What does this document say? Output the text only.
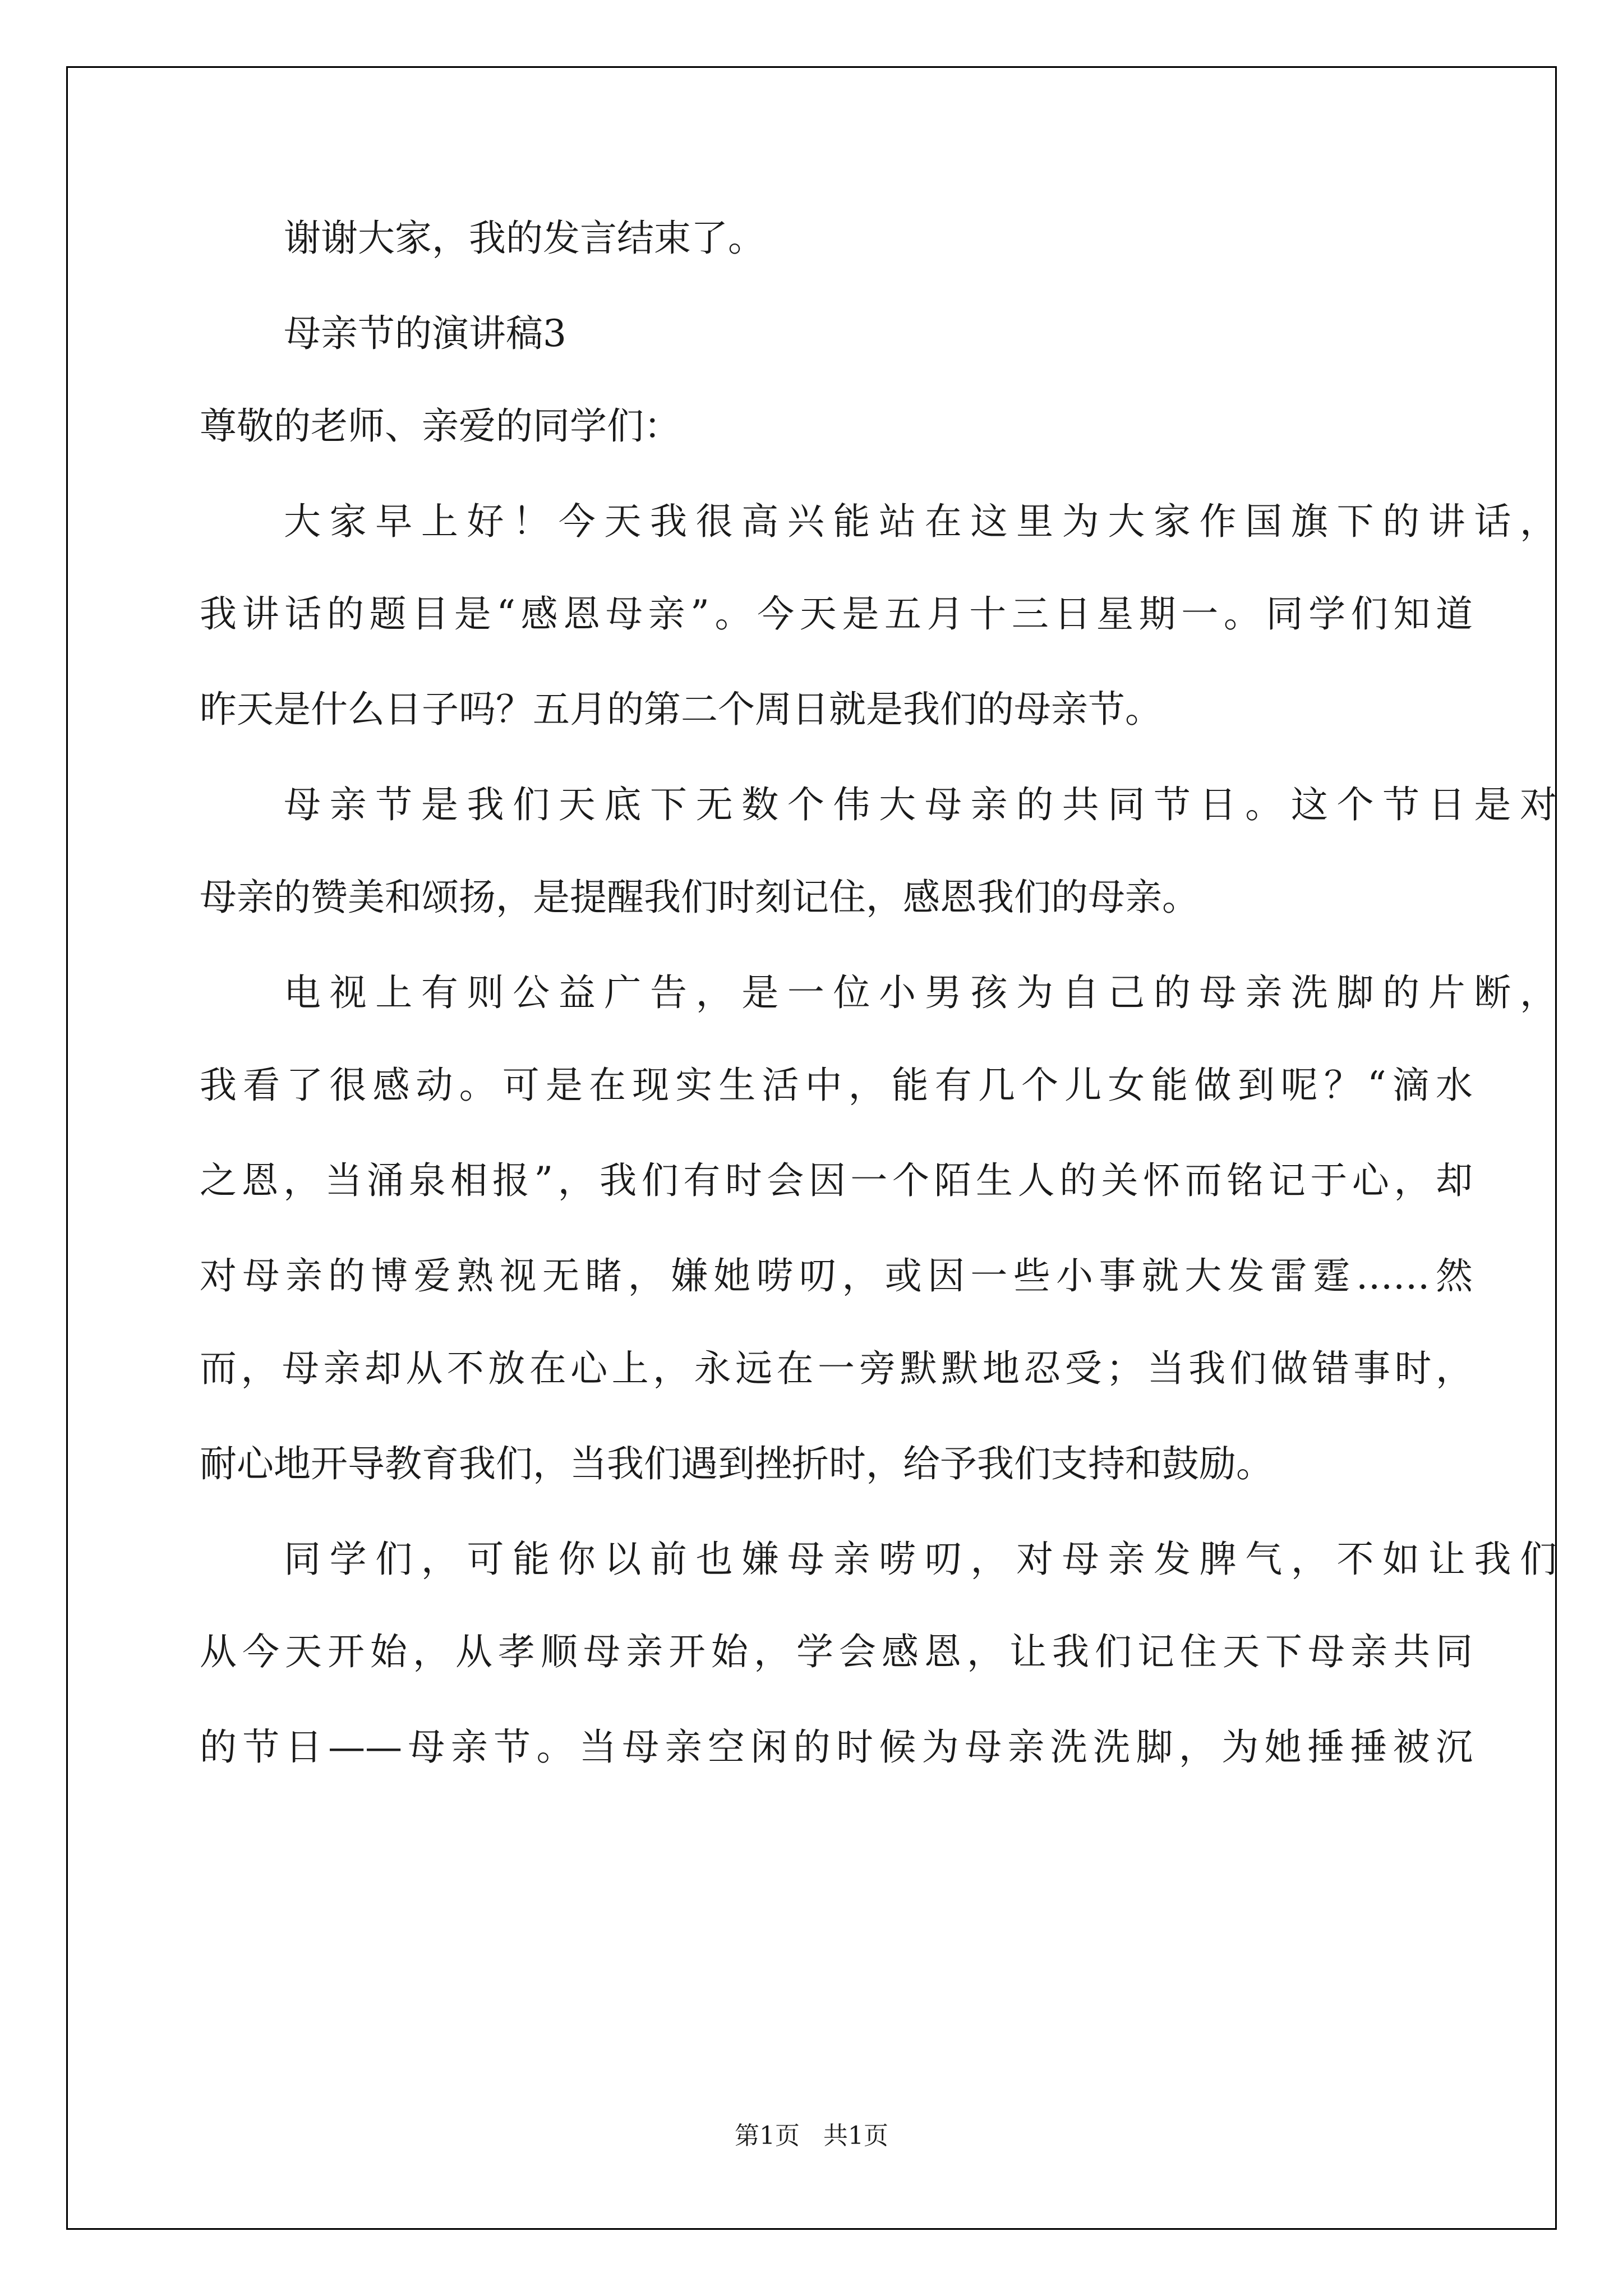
谢谢大家，我的发言结束了。
母亲节的演讲稿3
尊敬的老师、亲爱的同学们：
大家早上好！今天我很高兴能站在这里为大家作国旗下的讲话，
我讲话的题目是“感恩母亲”。今天是五月十三日星期一。同学们知道
昨天是什么日子吗？五月的第二个周日就是我们的母亲节。
母亲节是我们天底下无数个伟大母亲的共同节日。这个节日是对
母亲的赞美和颂扬，是提醒我们时刻记住，感恩我们的母亲。
电视上有则公益广告，是一位小男孩为自己的母亲洗脚的片断，
我看了很感动。可是在现实生活中，能有几个儿女能做到呢？“滴水
之恩，当涌泉相报”，我们有时会因一个陌生人的关怀而铭记于心，却
对母亲的博爱熟视无睹，嫌她唠叨，或因一些小事就大发雷霆……然
而，母亲却从不放在心上，永远在一旁默默地忍受；当我们做错事时，
耐心地开导教育我们，当我们遇到挫折时，给予我们支持和鼓励。
同学们，可能你以前也嫌母亲唠叨，对母亲发脾气，不如让我们
从今天开始，从孝顺母亲开始，学会感恩，让我们记住天下母亲共同
的节日——母亲节。当母亲空闲的时候为母亲洗洗脚，为她捶捶被沉
第1页 共1页
